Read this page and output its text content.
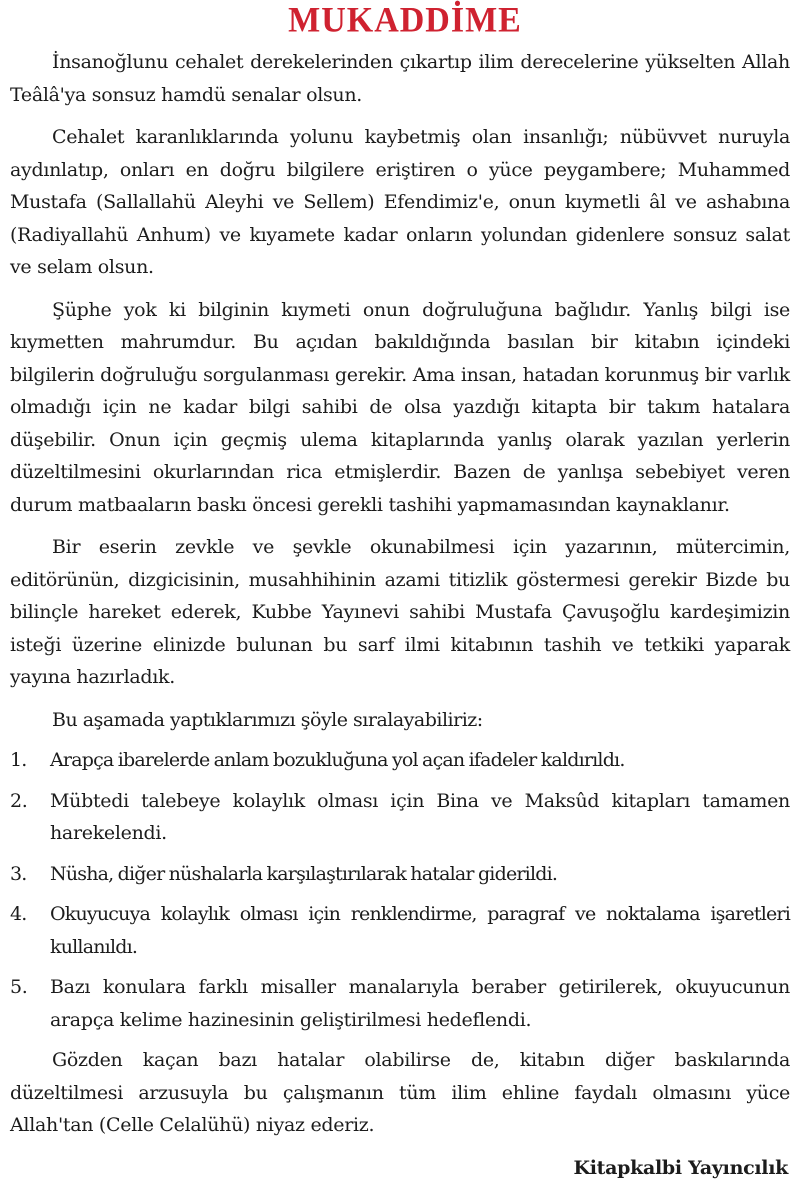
MUKADDİME

İnsanoğlunu cehalet derekelerinden çıkartıp ilim derecelerine yükselten Allah Teâlâ'ya sonsuz hamdü senalar olsun.

Cehalet karanlıklarında yolunu kaybetmiş olan insanlığı; nübüvvet nuruyla aydınlatıp, onları en doğru bilgilere eriştiren o yüce peygambere; Muhammed Mustafa (Sallallahü Aleyhi ve Sellem) Efendimiz'e, onun kıymetli âl ve ashabına (Radiyallahü Anhum) ve kıyamete kadar onların yolundan gidenlere sonsuz salat ve selam olsun.

Şüphe yok ki bilginin kıymeti onun doğruluğuna bağlıdır. Yanlış bilgi ise kıymetten mahrumdur. Bu açıdan bakıldığında basılan bir kitabın içindeki bilgilerin doğruluğu sorgulanması gerekir. Ama insan, hatadan korunmuş bir varlık olmadığı için ne kadar bilgi sahibi de olsa yazdığı kitapta bir takım hatalara düşebilir. Onun için geçmiş ulema kitaplarında yanlış olarak yazılan yerlerin düzeltilmesini okurlarından rica etmişlerdir. Bazen de yanlışa sebebiyet veren durum matbaaların baskı öncesi gerekli tashihi yapmamasından kaynaklanır.

Bir eserin zevkle ve şevkle okunabilmesi için yazarının, mütercimin, editörünün, dizgicisinin, musahhihinin azami titizlik göstermesi gerekir Bizde bu bilinçle hareket ederek, Kubbe Yayınevi sahibi Mustafa Çavuşoğlu kardeşimizin isteği üzerine elinizde bulunan bu sarf ilmi kitabının tashih ve tetkiki yaparak yayına hazırladık.

Bu aşamada yaptıklarımızı şöyle sıralayabiliriz:

1. Arapça ibarelerde anlam bozukluğuna yol açan ifadeler kaldırıldı.
2. Mübtedi talebeye kolaylık olması için Bina ve Maksûd kitapları tamamen harekelendi.
3. Nüsha, diğer nüshalarla karşılaştırılarak hatalar giderildi.
4. Okuyucuya kolaylık olması için renklendirme, paragraf ve noktalama işaretleri kullanıldı.
5. Bazı konulara farklı misaller manalarıyla beraber getirilerek, okuyucunun arapça kelime hazinesinin geliştirilmesi hedeflendi.

Gözden kaçan bazı hatalar olabilirse de, kitabın diğer baskılarında düzeltilmesi arzusuyla bu çalışmanın tüm ilim ehline faydalı olmasını yüce Allah'tan (Celle Celalühü) niyaz ederiz.

Kitapkalbi Yayıncılık
